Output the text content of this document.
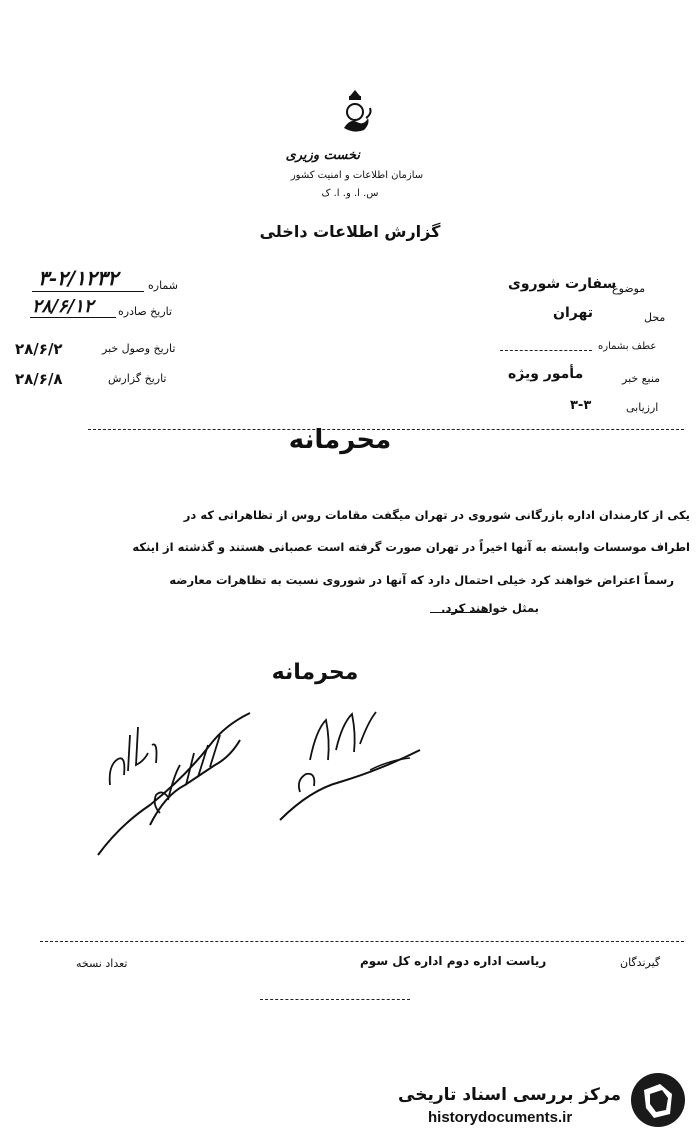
نخست وزیری
سازمان اطلاعات و امنیت کشور
س. ا. و. ا. ک
گزارش اطلاعات داخلی
شماره
۳-۲/۱۲۳۲
تاریخ صادره
۲۸/۶/۱۲
تاریخ وصول خبر
۲۸/۶/۲
تاریخ گزارش
۲۸/۶/۸
موضوع
سفارت شوروی
محل
تهران
عطف بشماره
منبع خبر
مأمور ویژه
ارزیابی
۳-۳
محرمانه
یکی از کارمندان اداره بازرگانی شوروی در تهران میگفت مقامات روس از تظاهراتی که در
اطراف موسسات وابسته به آنها اخیراً در تهران صورت گرفته است عصبانی هستند و گذشته از اینکه
رسماً اعتراض خواهند کرد خیلی احتمال دارد که آنها در شوروی نسبت به تظاهرات معارضه
بمثل خواهند کرد.
محرمانه
گیرندگان
ریاست اداره دوم اداره کل سوم
تعداد نسخه
مرکز بررسی اسناد تاریخی
historydocuments.ir
